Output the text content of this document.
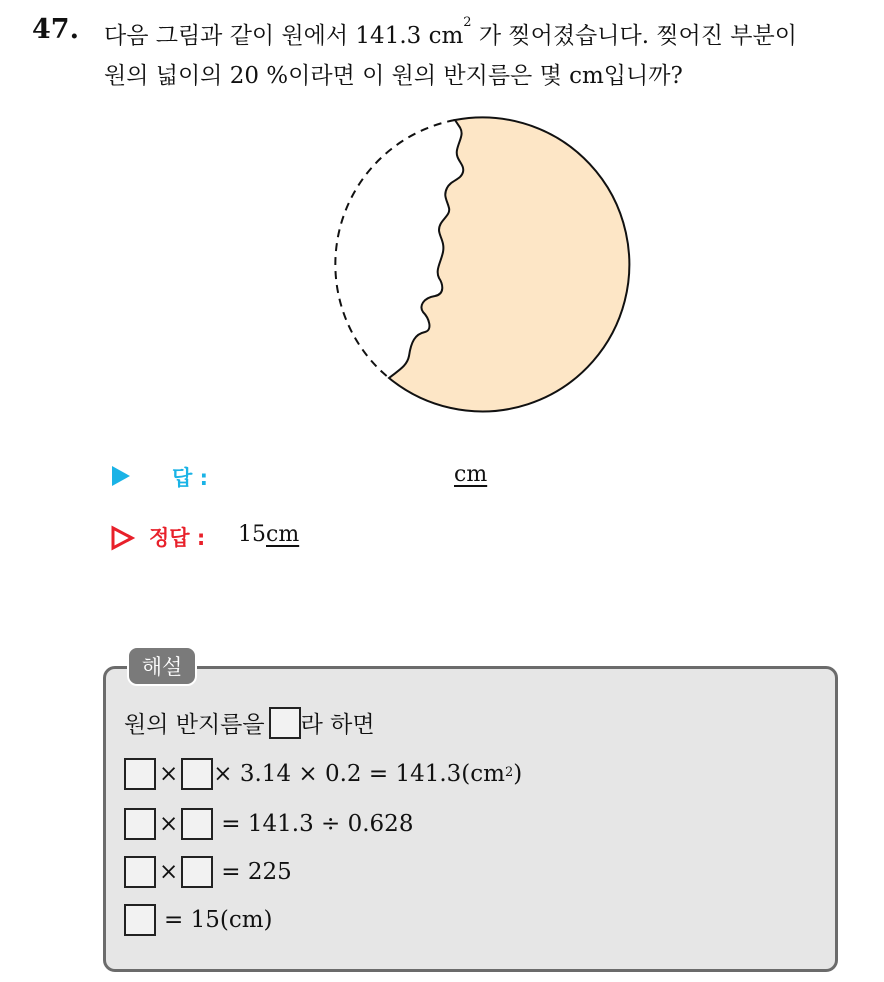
47. 다음 그림과 같이 원에서 141.3 $cm^2$ 가 찢어졌습니다. 찢어진 부분이
원의 넓이의 20 %이라면 이 원의 반지름은 몇 cm입니까?
답 :	cm
정답 : 15cm
해설
원의 반지름을 라 하면
× × $3.14 \times 0.2 = 141.3(cm^2$ )
× = 141.3 ÷ 0.628
× = 225
= 15(cm)
